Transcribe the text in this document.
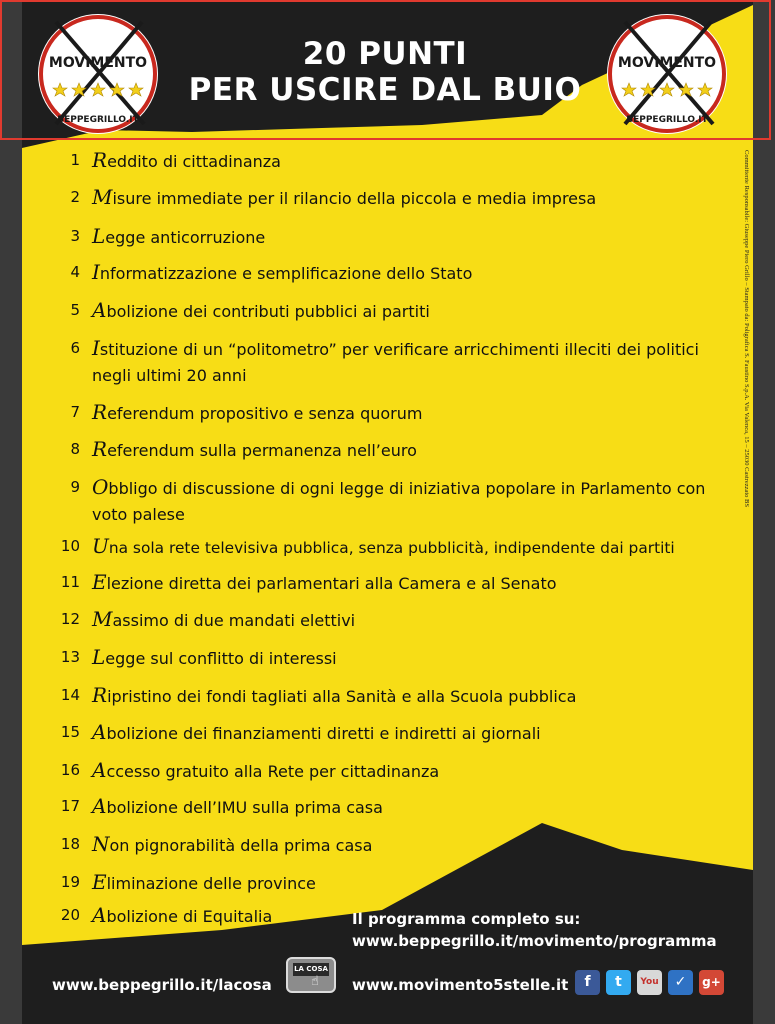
MOVIMENTO
BEPPEGRILLO.IT
20 PUNTI
PER USCIRE DAL BUIO
MOVIMENTO
BEPPEGRILLO.IT
1 Reddito di cittadinanza
2 Misure immediate per il rilancio della piccola e media impresa
3 Legge anticorruzione
4 Informatizzazione e semplificazione dello Stato
5 Abolizione dei contributi pubblici ai partiti
6 Istituzione di un “politometro” per verificare arricchimenti illeciti dei politici negli ultimi 20 anni
7 Referendum propositivo e senza quorum
8 Referendum sulla permanenza nell’euro
9 Obbligo di discussione di ogni legge di iniziativa popolare in Parlamento con voto palese
10 Una sola rete televisiva pubblica, senza pubblicità, indipendente dai partiti
11 Elezione diretta dei parlamentari alla Camera e al Senato
12 Massimo di due mandati elettivi
13 Legge sul conflitto di interessi
14 Ripristino dei fondi tagliati alla Sanità e alla Scuola pubblica
15 Abolizione dei finanziamenti diretti e indiretti ai giornali
16 Accesso gratuito alla Rete per cittadinanza
17 Abolizione dell’IMU sulla prima casa
18 Non pignorabilità della prima casa
19 Eliminazione delle province
20 Abolizione di Equitalia
Committente Responsabile: Giuseppe Piero Grillo – Stampato da: Poligrafica S. Faustino S.p.A. Via Valenca, 15 – 25030 Castrezzato BS
Il programma completo su:
www.beppegrillo.it/movimento/programma
www.beppegrillo.it/lacosa
LA COSA
☝ www.movimento5stelle.it	f	t	You	✓	g+
